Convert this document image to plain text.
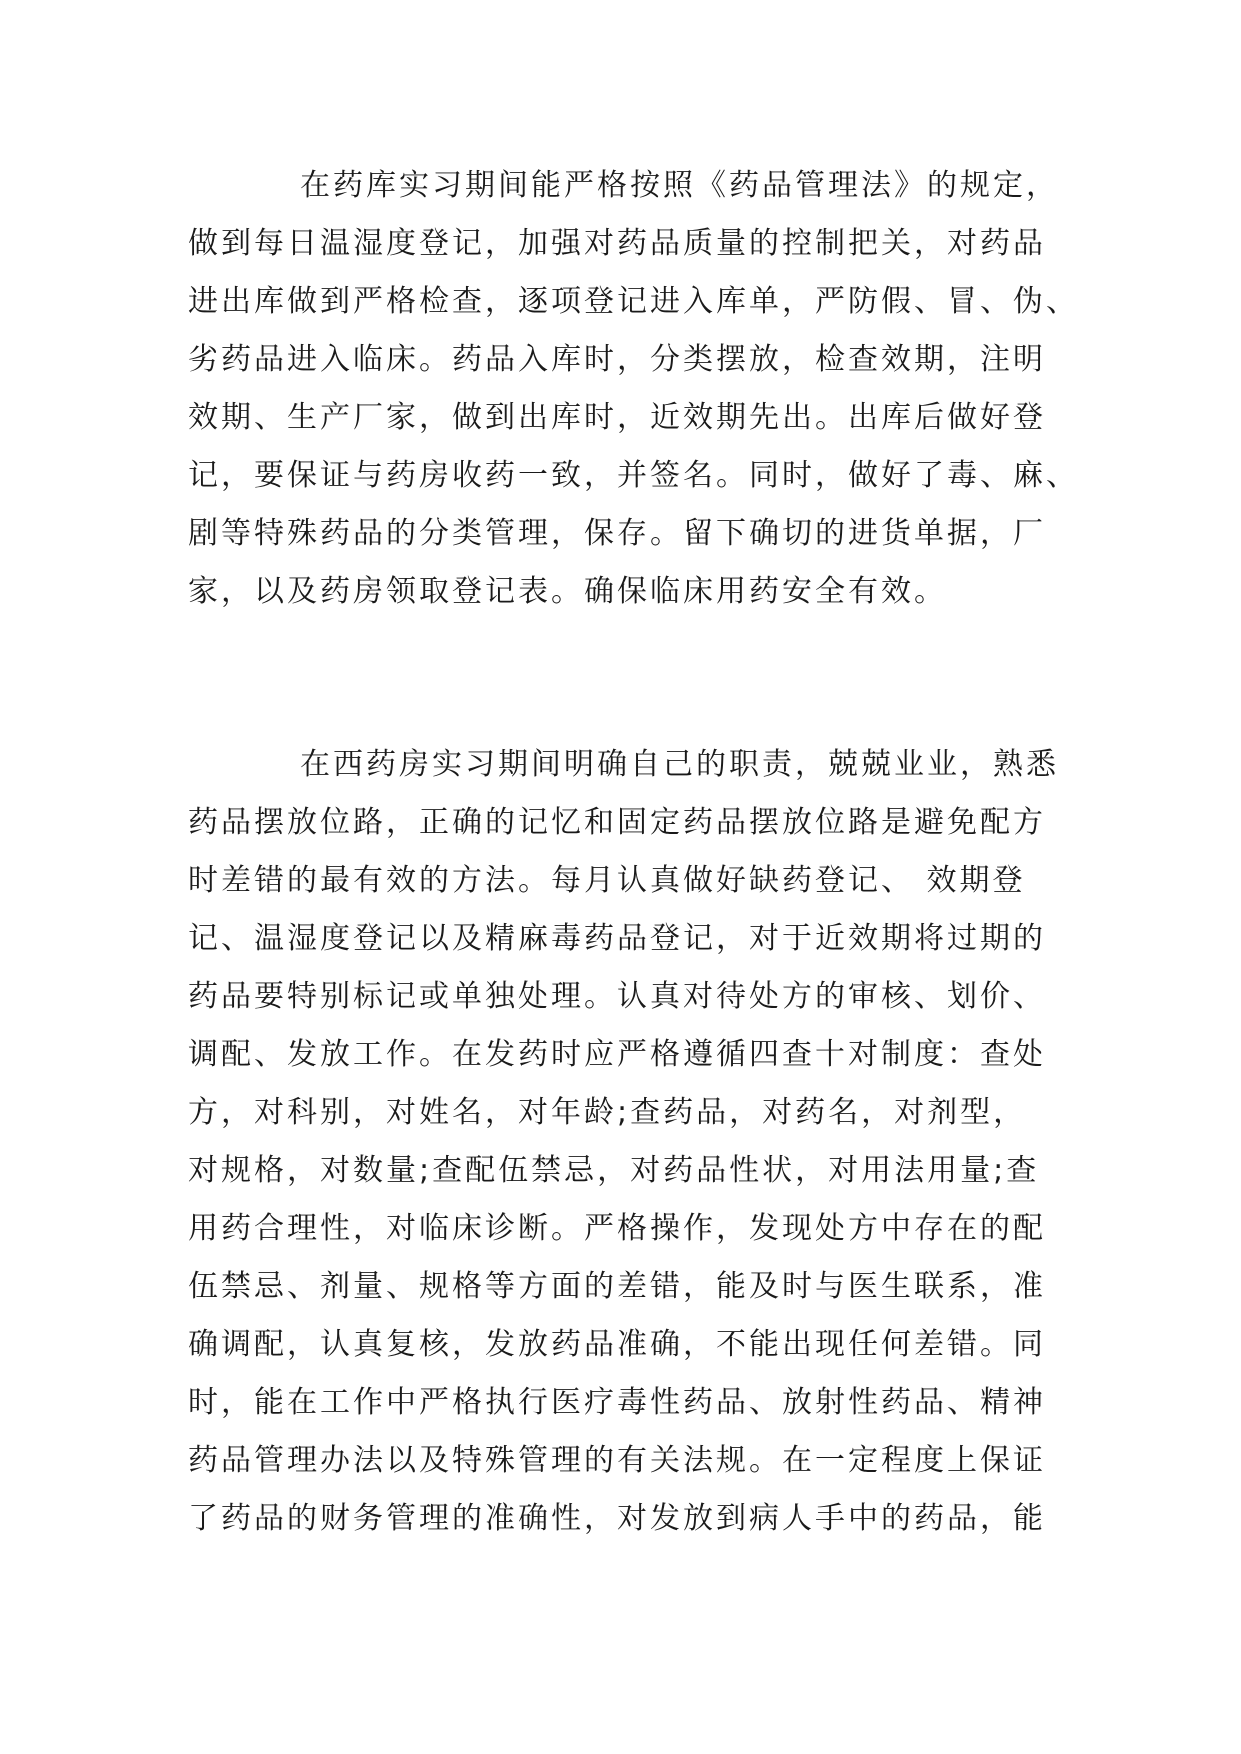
在药库实习期间能严格按照《药品管理法》的规定，
做到每日温湿度登记，加强对药品质量的控制把关，对药品
进出库做到严格检查，逐项登记进入库单，严防假、冒、伪、
劣药品进入临床。药品入库时，分类摆放，检查效期，注明
效期、生产厂家，做到出库时，近效期先出。出库后做好登
记，要保证与药房收药一致，并签名。同时，做好了毒、麻、
剧等特殊药品的分类管理，保存。留下确切的进货单据，厂
家，以及药房领取登记表。确保临床用药安全有效。
在西药房实习期间明确自己的职责，兢兢业业，熟悉
药品摆放位路，正确的记忆和固定药品摆放位路是避免配方
时差错的最有效的方法。每月认真做好缺药登记、 效期登
记、温湿度登记以及精麻毒药品登记，对于近效期将过期的
药品要特别标记或单独处理。认真对待处方的审核、划价、
调配、发放工作。在发药时应严格遵循四查十对制度：查处
方，对科别，对姓名，对年龄;查药品，对药名，对剂型，
对规格，对数量;查配伍禁忌，对药品性状，对用法用量;查
用药合理性，对临床诊断。严格操作，发现处方中存在的配
伍禁忌、剂量、规格等方面的差错，能及时与医生联系，准
确调配，认真复核，发放药品准确，不能出现任何差错。同
时，能在工作中严格执行医疗毒性药品、放射性药品、精神
药品管理办法以及特殊管理的有关法规。在一定程度上保证
了药品的财务管理的准确性，对发放到病人手中的药品，能
